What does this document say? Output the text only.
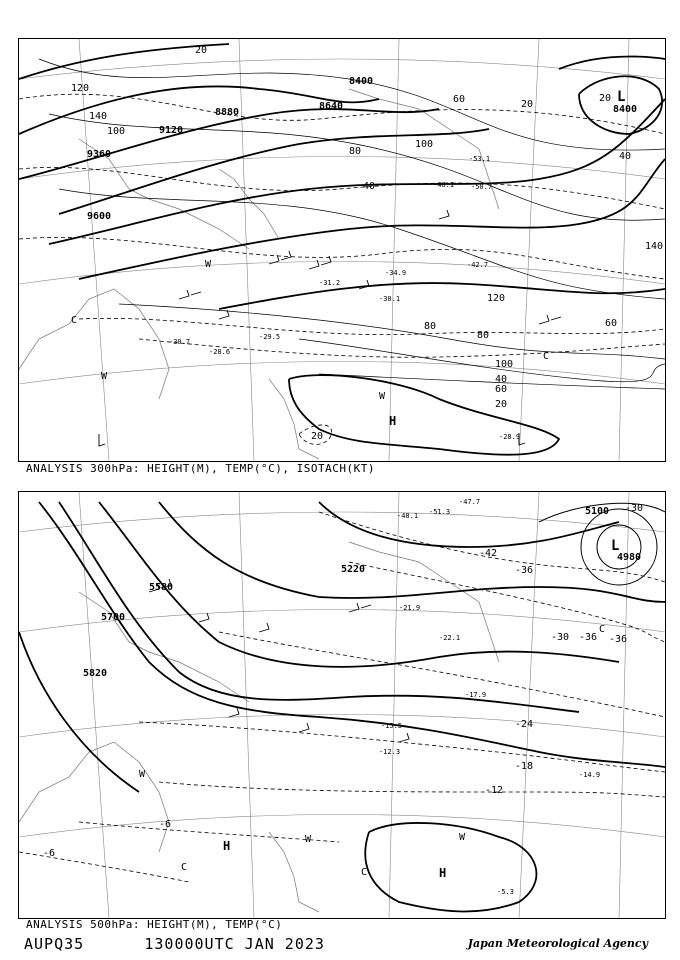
9600
9360
9120
8880
8640
8400
8400
120
100
140
80
80
100
60
60
40
40
20
20
20
20
140
120
100
80
60
40
20
-30.7
-28.6
-29.5
-31.2
-30.1
-34.9
-42.7
-48.1
-53.1
-50.7
-28.9
L
H
W
W
C
C
W
ANALYSIS 300hPa: HEIGHT(M), TEMP(°C), ISOTACH(KT)
5700
5580
5820
5220
5100
4980
-30
-36
-42
-30	-36
-24
-18
-12
-6
-6
-36
-51.3
-47.7
-48.1
-21.9
-22.1
-15.5
-12.3
-14.9
-17.9
-5.3
L
H
H
W
W
C
W
C
C
ANALYSIS 500hPa: HEIGHT(M), TEMP(°C)
AUPQ35	130000UTC JAN 2023	Japan Meteorological Agency
